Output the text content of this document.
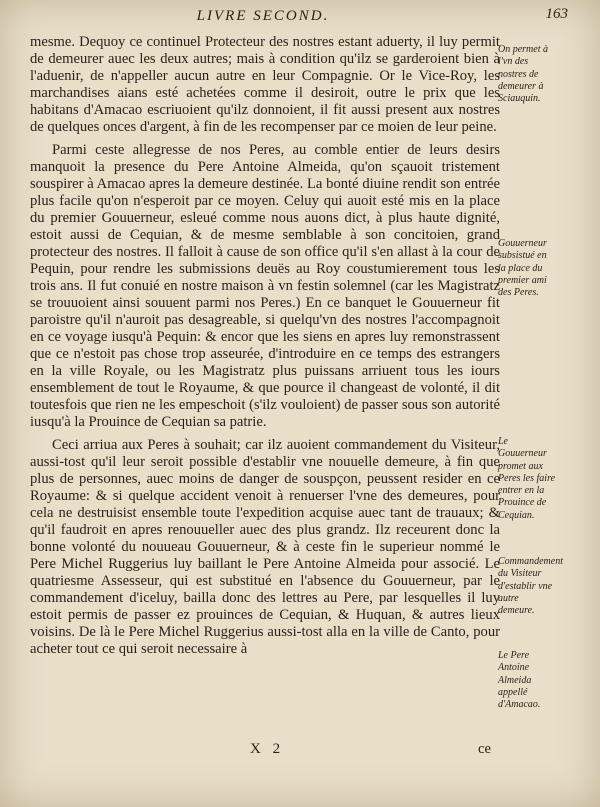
LIVRE SECOND.	163

mesme. Dequoy ce continuel Protecteur des nostres estant aduerty, il luy permit de demeurer auec les deux autres; mais à condition qu'ilz se garderoient bien à l'aduenir, de n'appeller aucun autre en leur Compagnie. Or le Vice-Roy, les marchandises aians esté achetées comme il desiroit, outre le prix que les habitans d'Amacao escriuoient qu'ilz donnoient, il fit aussi present aux nostres de quelques onces d'argent, à fin de les recompenser par ce moien de leur peine.

Parmi ceste allegresse de nos Peres, au comble entier de leurs desirs manquoit la presence du Pere Antoine Almeida, qu'on sçauoit tristement souspirer à Amacao apres la demeure destinée. La bonté diuine rendit son entrée plus facile qu'on n'esperoit par ce moyen. Celuy qui auoit esté mis en la place du premier Gouuerneur, esleué comme nous auons dict, à plus haute dignité, estoit aussi de Cequian, & de mesme semblable à son concitoien, grand protecteur des nostres. Il falloit à cause de son office qu'il s'en allast à la cour de Pequin, pour rendre les submissions deuës au Roy coustumierement tous les trois ans. Il fut conuié en nostre maison à vn festin solemnel (car les Magistratz se trouuoient ainsi souuent parmi nos Peres.) En ce banquet le Gouuerneur fit paroistre qu'il n'auroit pas desagreable, si quelqu'vn des nostres l'accompagnoit en ce voyage iusqu'à Pequin: & encor que les siens en apres luy remonstrassent que ce n'estoit pas chose trop asseurée, d'introduire en ce temps des estrangers en la ville Royale, ou les Magistratz plus puissans arriuent tous les iours ensemblement de tout le Royaume, & que pource il changeast de volonté, il dit toutesfois que rien ne les empeschoit (s'ilz vouloient) de passer sous son autorité iusqu'à la Prouince de Cequian sa patrie.

Ceci arriua aux Peres à souhait; car ilz auoient commandement du Visiteur, aussi-tost qu'il leur seroit possible d'establir vne nouuelle demeure, à fin que plus de personnes, auec moins de danger de souspçon, peussent resider en ce Royaume: & si quelque accident venoit à renuerser l'vne des demeures, pour cela ne destruisist ensemble toute l'expedition acquise auec tant de trauaux; & qu'il faudroit en apres renouueller auec des plus grandz. Ilz receurent donc la bonne volonté du nouueau Gouuerneur, & à ceste fin le superieur nommé le Pere Michel Ruggerius luy baillant le Pere Antoine Almeida pour associé. Le quatriesme Assesseur, qui est substitué en l'absence du Gouuerneur, par le commandement d'iceluy, bailla donc des lettres au Pere, par lesquelles il luy estoit permis de passer ez prouinces de Cequian, & Huquan, & autres lieux voisins. De là le Pere Michel Ruggerius aussi-tost alla en la ville de Canto, pour acheter tout ce qui seroit necessaire à

On permet à l'vn des nostres de demeurer à Sciauquin.
Gouuerneur subsistué en la place du premier ami des Peres.
Le Gouuerneur promet aux Peres les faire entrer en la Prouince de Cequian.
Commandement du Visiteur d'establir vne autre demeure.
Le Pere Antoine Almeida appellé d'Amacao.
X 2	ce
